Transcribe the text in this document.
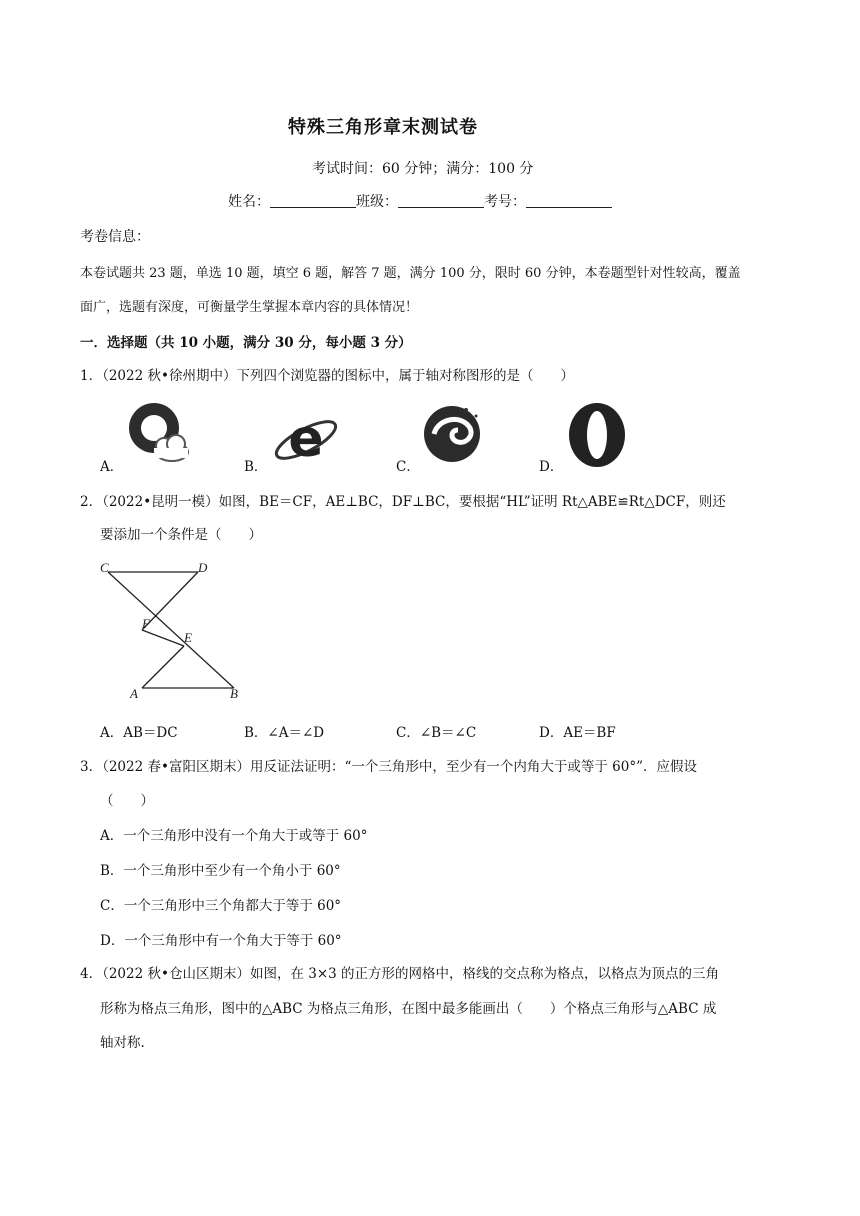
特殊三角形章末测试卷
考试时间：60 分钟；满分：100 分
姓名：	班级：	考号：
考卷信息：
本卷试题共 23 题，单选 10 题，填空 6 题，解答 7 题，满分 100 分，限时 60 分钟，本卷题型针对性较高，覆盖
面广，选题有深度，可衡量学生掌握本章内容的具体情况！
一．选择题（共 10 小题，满分 30 分，每小题 3 分）
1．（2022 秋•徐州期中）下列四个浏览器的图标中，属于轴对称图形的是（　　）
A．	B． e	C．	D．
2．（2022•昆明一模）如图，BE＝CF，AE⊥BC，DF⊥BC，要根据“HL”证明 Rt△ABE≌Rt△DCF，则还
要添加一个条件是（　　）
C	D
F
E
A	B
A．AB＝DC	B．∠A＝∠D	C．∠B＝∠C	D．AE＝BF
3．（2022 春•富阳区期末）用反证法证明：“一个三角形中，至少有一个内角大于或等于 60°”．应假设
（　　）
A．一个三角形中没有一个角大于或等于 60°
B．一个三角形中至少有一个角小于 60°
C．一个三角形中三个角都大于等于 60°
D．一个三角形中有一个角大于等于 60°
4．（2022 秋•仓山区期末）如图，在 3×3 的正方形的网格中，格线的交点称为格点，以格点为顶点的三角
形称为格点三角形，图中的△ABC 为格点三角形，在图中最多能画出（　　）个格点三角形与△ABC 成
轴对称.
